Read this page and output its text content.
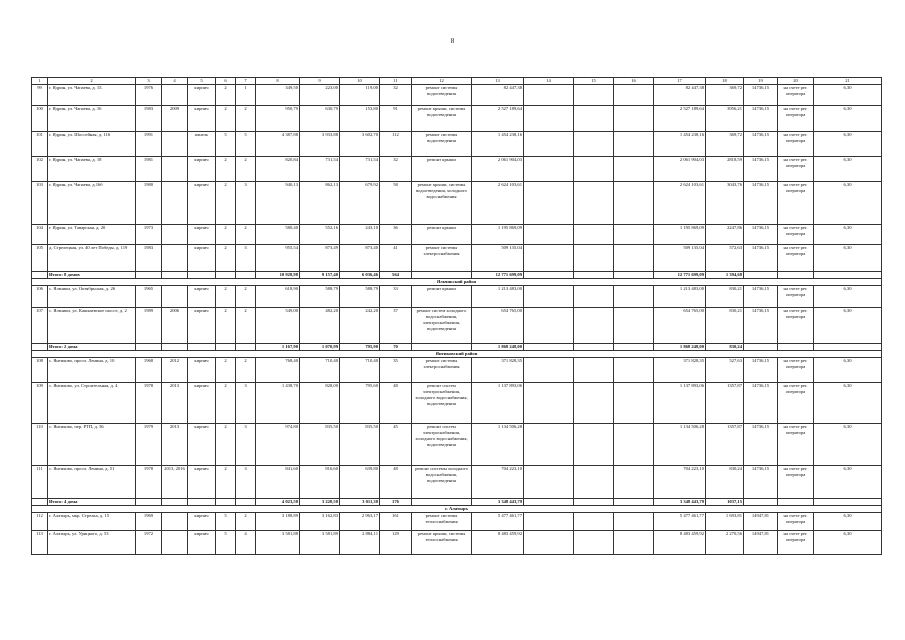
8
1	2	3	4	5	6	7	8	9	10	11	12	13	14	15	16	17	18	19	20	21
99	г. Ядрин, ул. Чапаева, д. 15.	1976		кирпич	2	1	349,50	223,00	119,00	32	ремонт системы водоотведения	82 447,38				82 447,38	369,72	14736,15	на счете рег. оператора	6,30
100	г. Ядрин, ул. Чапаева, д. 16	1983	2009	кирпич	2	2	950,79	630,79	153,80	91	ремонт крыши, системы водоотведения	2 527 189,64				2 527 189,64	3956,21	14736,15	на счете рег. оператора	6,30
101	г. Ядрин, ул. Шоссейная, д. 116	1991		панель	5	5	4 387,88	3 933,88	3 602,70	112	ремонт системы водоотведения	1 454 238,16				1 454 238,16	369,72	14736,15	на счете рег. оператора	6,30
102	г. Ядрин, ул. Чапаева, д. 18	1981		кирпич	2	2	820,84	731,54	731,54	32	ремонт крыши	2 061 904,03				2 061 904,03	2818,59	14736,15	на счете рег. оператора	6,30
103	г. Ядрин, ул. Чапаева, д.16б	1980		кирпич	2	3	940,13	862,13	679,92	58	ремонт крыши, системы водоотведения, холодного водоснабжения	2 624 103,61				2 624 103,61	3043,76	14736,15	на счете рег. оператора	6,30
104	г. Ядрин, ул. Таварская, д. 20	1973		кирпич	2	2	580,40	552,16	243,10	36	ремонт крыши	1 195 869,09				1 195 869,09	2247,86	14736,15	на счете рег. оператора	6,30
105	д. Стрелецкая, ул. 40 лет Победы, д. 119	1983		кирпич	2	3	955,54	873,49	873,40	41	ремонт системы электроснабжения	509 135,04				509 135,04	572,63	14736,15	на счете рег. оператора	6,30
	Итого: 8 домов						10 928,98	9 157,40	6 036,46	564		12 771 699,09				12 771 699,09	1 394,68			
Яльчикский район																				
106	с. Яльчики, ул. Октябрьская, д. 26	1965		кирпич	2	2	618,90	588,79	588,79	33	ремонт крыши	1 213 483,00				1 213 483,00	830,21	14736,15	на счете рег. оператора	6,30
107	с. Яльчики, ул. Кашкаевское шоссе, д. 2	1989	2006	кирпич	2	2	549,00	482,20	242,20	37	ремонт систем холодного водоснабжения, электроснабжения, водоотведения	654 765,00				654 765,00	830,21	14736,15	на счете рег. оператора	6,30
	Итого: 2 дома						1 167,90	1 070,99	795,90	70		1 868 248,00				1 868 248,00	830,24			
Янтиковский район																				
108	с. Янтиково, просп. Ленина, д. 10	1968	2012	кирпич	2	2	768,40	710,40	710,40	35	ремонт системы электроснабжения	371 828,35				371 828,35	527,63	14736,15	на счете рег. оператора	6,30
109	с. Янтиково, ул. Строительная, д. 4	1978	2013	кирпич	2	3	1 438,70	828,00	795,60	48	ремонт систем электроснабжения, холодного водоснабжения, водоотведения	1 137 893,06				1 137 893,06	1357,87	14736,15	на счете рег. оператора	6,30
110	с. Янтиково, пер. РТП, д. 36	1979	2013	кирпич	2	3	974,80	835,50	835,50	45	ремонт систем электроснабжения, холодного водоснабжения, водоотведения	1 134 506,28				1 134 506,28	1357,87	14736,15	на счете рег. оператора	6,30
111	с. Янтиково, просп. Ленина, д. 51	1978	2013, 2016	кирпич	2	3	841,60	816,60	639,80	48	ремонт системы холодного водоснабжения, водоотведения	704 223,10				704 223,10	830,24	14736,15	на счете рег. оператора	6,30
	Итого: 4 дома						4 023,50	3 220,50	3 011,30	176		3 348 443,79				3 348 443,79	1037,15			
г. Алатырь																				
112	г. Алатырь, мкр. Стрелка, д. 15	1969		кирпич	5	2	3 188,89	3 162,83	2 963,17	161	ремонт системы теплоснабжения	5 477 461,77				5 477 461,77	1 693,81	14947,81	на счете рег. оператора	6,30
113	г. Алатырь, ул. Урицкого, д. 53	1972		кирпич	5	4	3 581,88	3 581,89	2 884,11	129	ремонт крыши, системы теплоснабжения	8 483 459,92				8 483 459,92	2 270,56	14947,81	на счете рег. оператора	6,30
